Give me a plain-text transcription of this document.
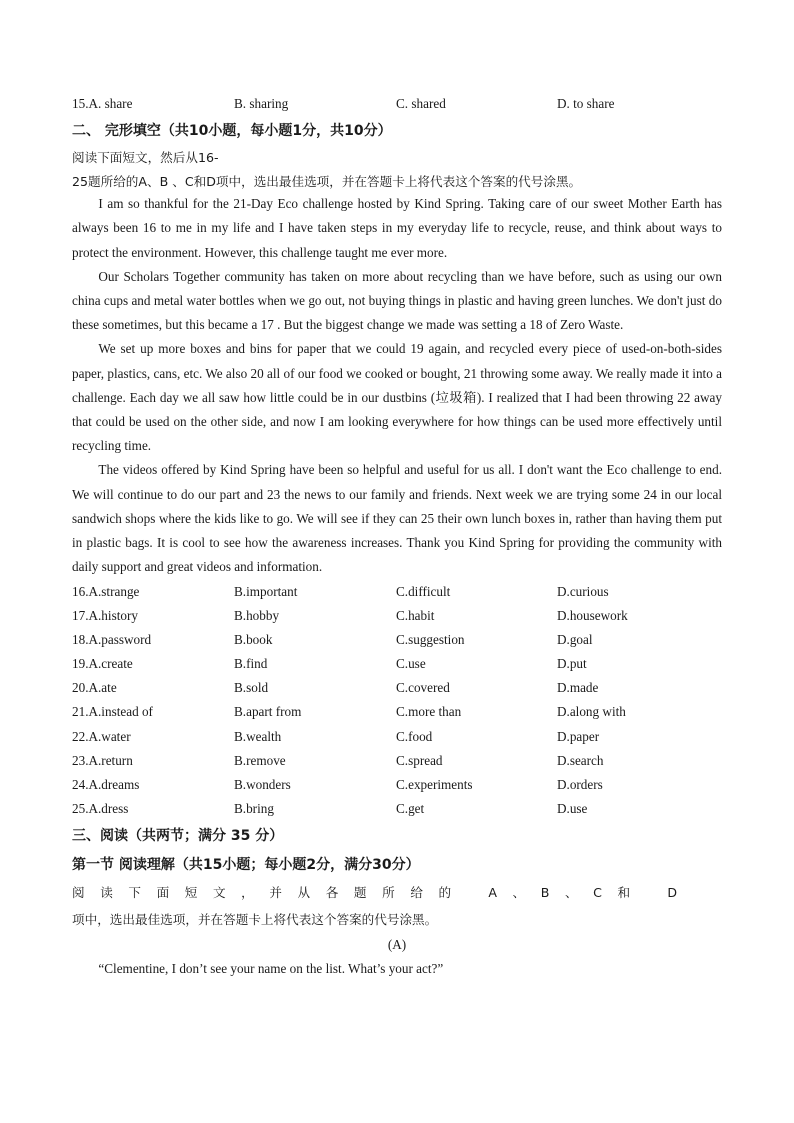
15.A. share	B. sharing	C. shared	D. to share
二、 完形填空（共10小题，每小题1分，共10分）
阅读下面短文，然后从16-
25题所给的A、B 、C和D项中，选出最佳选项，并在答题卡上将代表这个答案的代号涂黑。

I am so thankful for the 21-Day Eco challenge hosted by Kind Spring. Taking care of our sweet Mother Earth has always been 16 to me in my life and I have taken steps in my everyday life to recycle, reuse, and think about ways to protect the environment. However, this challenge taught me ever more.

Our Scholars Together community has taken on more about recycling than we have before, such as using our own china cups and metal water bottles when we go out, not buying things in plastic and having green lunches. We don't just do these sometimes, but this became a 17 . But the biggest change we made was setting a 18 of Zero Waste.

We set up more boxes and bins for paper that we could 19 again, and recycled every piece of used-on-both-sides paper, plastics, cans, etc. We also 20 all of our food we cooked or bought, 21 throwing some away. We really made it into a challenge. Each day we all saw how little could be in our dustbins (垃圾箱). I realized that I had been throwing 22 away that could be used on the other side, and now I am looking everywhere for how things can be used more effectively until recycling time.

The videos offered by Kind Spring have been so helpful and useful for us all. I don't want the Eco challenge to end. We will continue to do our part and 23 the news to our family and friends. Next week we are trying some 24 in our local sandwich shops where the kids like to go. We will see if they can 25 their own lunch boxes in, rather than having them put in plastic bags. It is cool to see how the awareness increases. Thank you Kind Spring for providing the community with daily support and great videos and information.

16.A.strange	B.important	C.difficult	D.curious
17.A.history	B.hobby	C.habit	D.housework
18.A.password	B.book	C.suggestion	D.goal
19.A.create	B.find	C.use	D.put
20.A.ate	B.sold	C.covered	D.made
21.A.instead of	B.apart from	C.more than	D.along with
22.A.water	B.wealth	C.food	D.paper
23.A.return	B.remove	C.spread	D.search
24.A.dreams	B.wonders	C.experiments	D.orders
25.A.dress	B.bring	C.get	D.use
三、阅读（共两节；满分 35 分）
第一节 阅读理解（共15小题；每小题2分，满分30分）

阅读下面短文，并从各题所给的 A、B、C和 D

项中，选出最佳选项，并在答题卡上将代表这个答案的代号涂黑。

(A)

“Clementine, I don’t see your name on the list. What’s your act?”
